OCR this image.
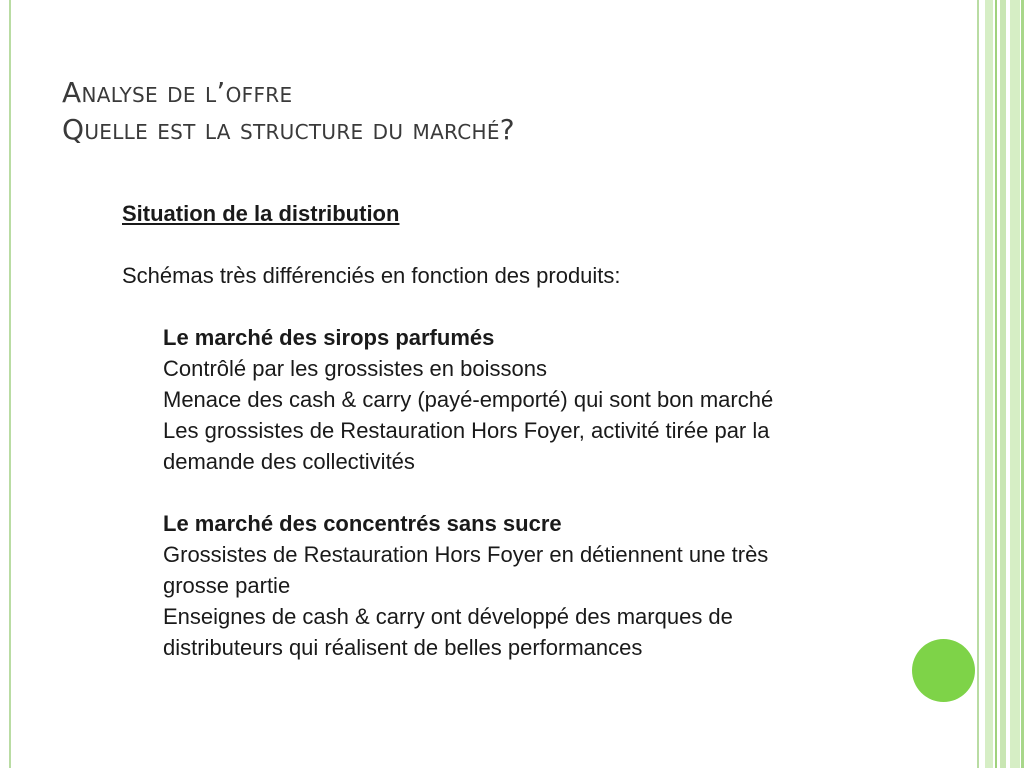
Analyse de l’offre
Quelle est la structure du marché?
Situation de la distribution
Schémas très différenciés en fonction des produits:
Le marché des sirops parfumés
Contrôlé par les grossistes en boissons
Menace des cash & carry (payé-emporté) qui sont bon marché
Les grossistes de Restauration Hors Foyer, activité tirée par la demande des collectivités
Le marché des concentrés sans sucre
Grossistes de Restauration Hors Foyer en détiennent une très grosse partie
Enseignes de cash & carry ont développé des marques de distributeurs qui réalisent de belles performances
